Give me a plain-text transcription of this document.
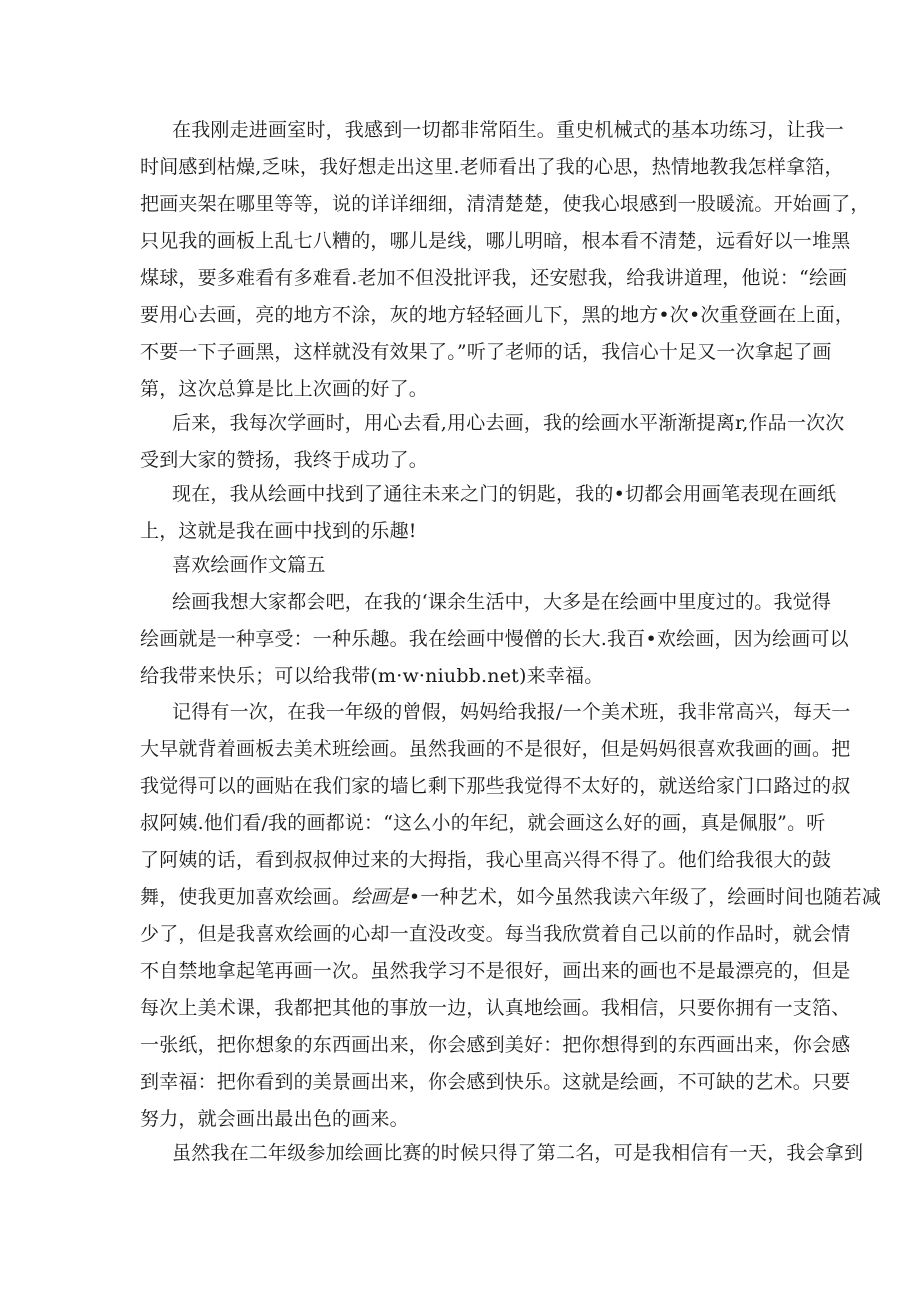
在我刚走进画室时，我感到一切都非常陌生。重史机械式的基本功练习，让我一
时间感到枯燥,乏味，我好想走出这里.老师看出了我的心思，热情地教我怎样拿箔，
把画夹架在哪里等等，说的详详细细，清清楚楚，使我心垠感到一股暖流。开始画了，
只见我的画板上乱七八糟的，哪儿是线，哪儿明暗，根本看不清楚，远看好以一堆黑
煤球，要多难看有多难看.老加不但没批评我，还安慰我，给我讲道理，他说：“绘画
要用心去画，亮的地方不涂，灰的地方轻轻画儿下，黑的地方•次•次重登画在上面，
不要一下子画黑，这样就没有效果了。”听了老师的话，我信心十足又一次拿起了画
第，这次总算是比上次画的好了。
后来，我每次学画时，用心去看,用心去画，我的绘画水平渐渐提离r,作品一次次
受到大家的赞扬，我终于成功了。
现在，我从绘画中找到了通往未来之门的钥匙，我的•切都会用画笔表现在画纸
上，这就是我在画中找到的乐趣!
喜欢绘画作文篇五
绘画我想大家都会吧，在我的‘课余生活中，大多是在绘画中里度过的。我觉得
绘画就是一种享受：一种乐趣。我在绘画中慢僧的长大.我百•欢绘画，因为绘画可以
给我带来快乐；可以给我带(m·w·niubb.net)来幸福。
记得有一次，在我一年级的曾假，妈妈给我报/一个美术班，我非常高兴，每天一
大早就背着画板去美术班绘画。虽然我画的不是很好，但是妈妈很喜欢我画的画。把
我觉得可以的画贴在我们家的墙匕剩下那些我觉得不太好的，就送给家门口路过的叔
叔阿姨.他们看/我的画都说：“这么小的年纪，就会画这么好的画，真是佩服”。听
了阿姨的话，看到叔叔伸过来的大拇指，我心里高兴得不得了。他们给我很大的鼓
舞，使我更加喜欢绘画。绘画是•一种艺术，如今虽然我读六年级了，绘画时间也随若减
少了，但是我喜欢绘画的心却一直没改变。每当我欣赏着自己以前的作品时，就会情
不自禁地拿起笔再画一次。虽然我学习不是很好，画出来的画也不是最漂亮的，但是
每次上美术课，我都把其他的事放一边，认真地绘画。我相信，只要你拥有一支箔、
一张纸，把你想象的东西画出来，你会感到美好：把你想得到的东西画出来，你会感
到幸福：把你看到的美景画出来，你会感到快乐。这就是绘画，不可缺的艺术。只要
努力，就会画出最出色的画来。
虽然我在二年级参加绘画比赛的时候只得了第二名，可是我相信有一天，我会拿到
